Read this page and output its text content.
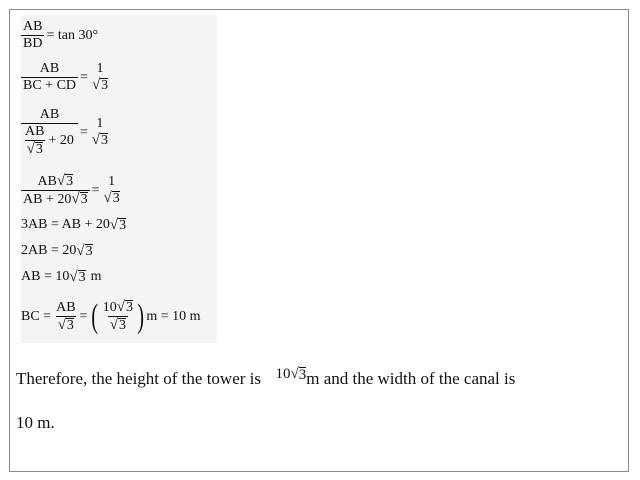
$\frac{AB}{BD} = \tan 30^\circ$
$\frac{AB}{BC + CD}$ =
1
√ 3
$\frac{AB}{\frac{AB}{√ 3} + 20}$ =
1
√ 3
$\frac{AB √ 3}{AB + 20 √ 3}$ =
1
√ 3
3AB = AB + 20 √ 3
2AB = 20 √ 3
AB = 10 √ 3 m
BC = $\frac{AB}{√ 3}$ = ( $\frac{10 √ 3}{√ 3}$ ) m = 10 m
Therefore, the height of the tower is 10 √ 3 m and the width of the canal is
10 m.
